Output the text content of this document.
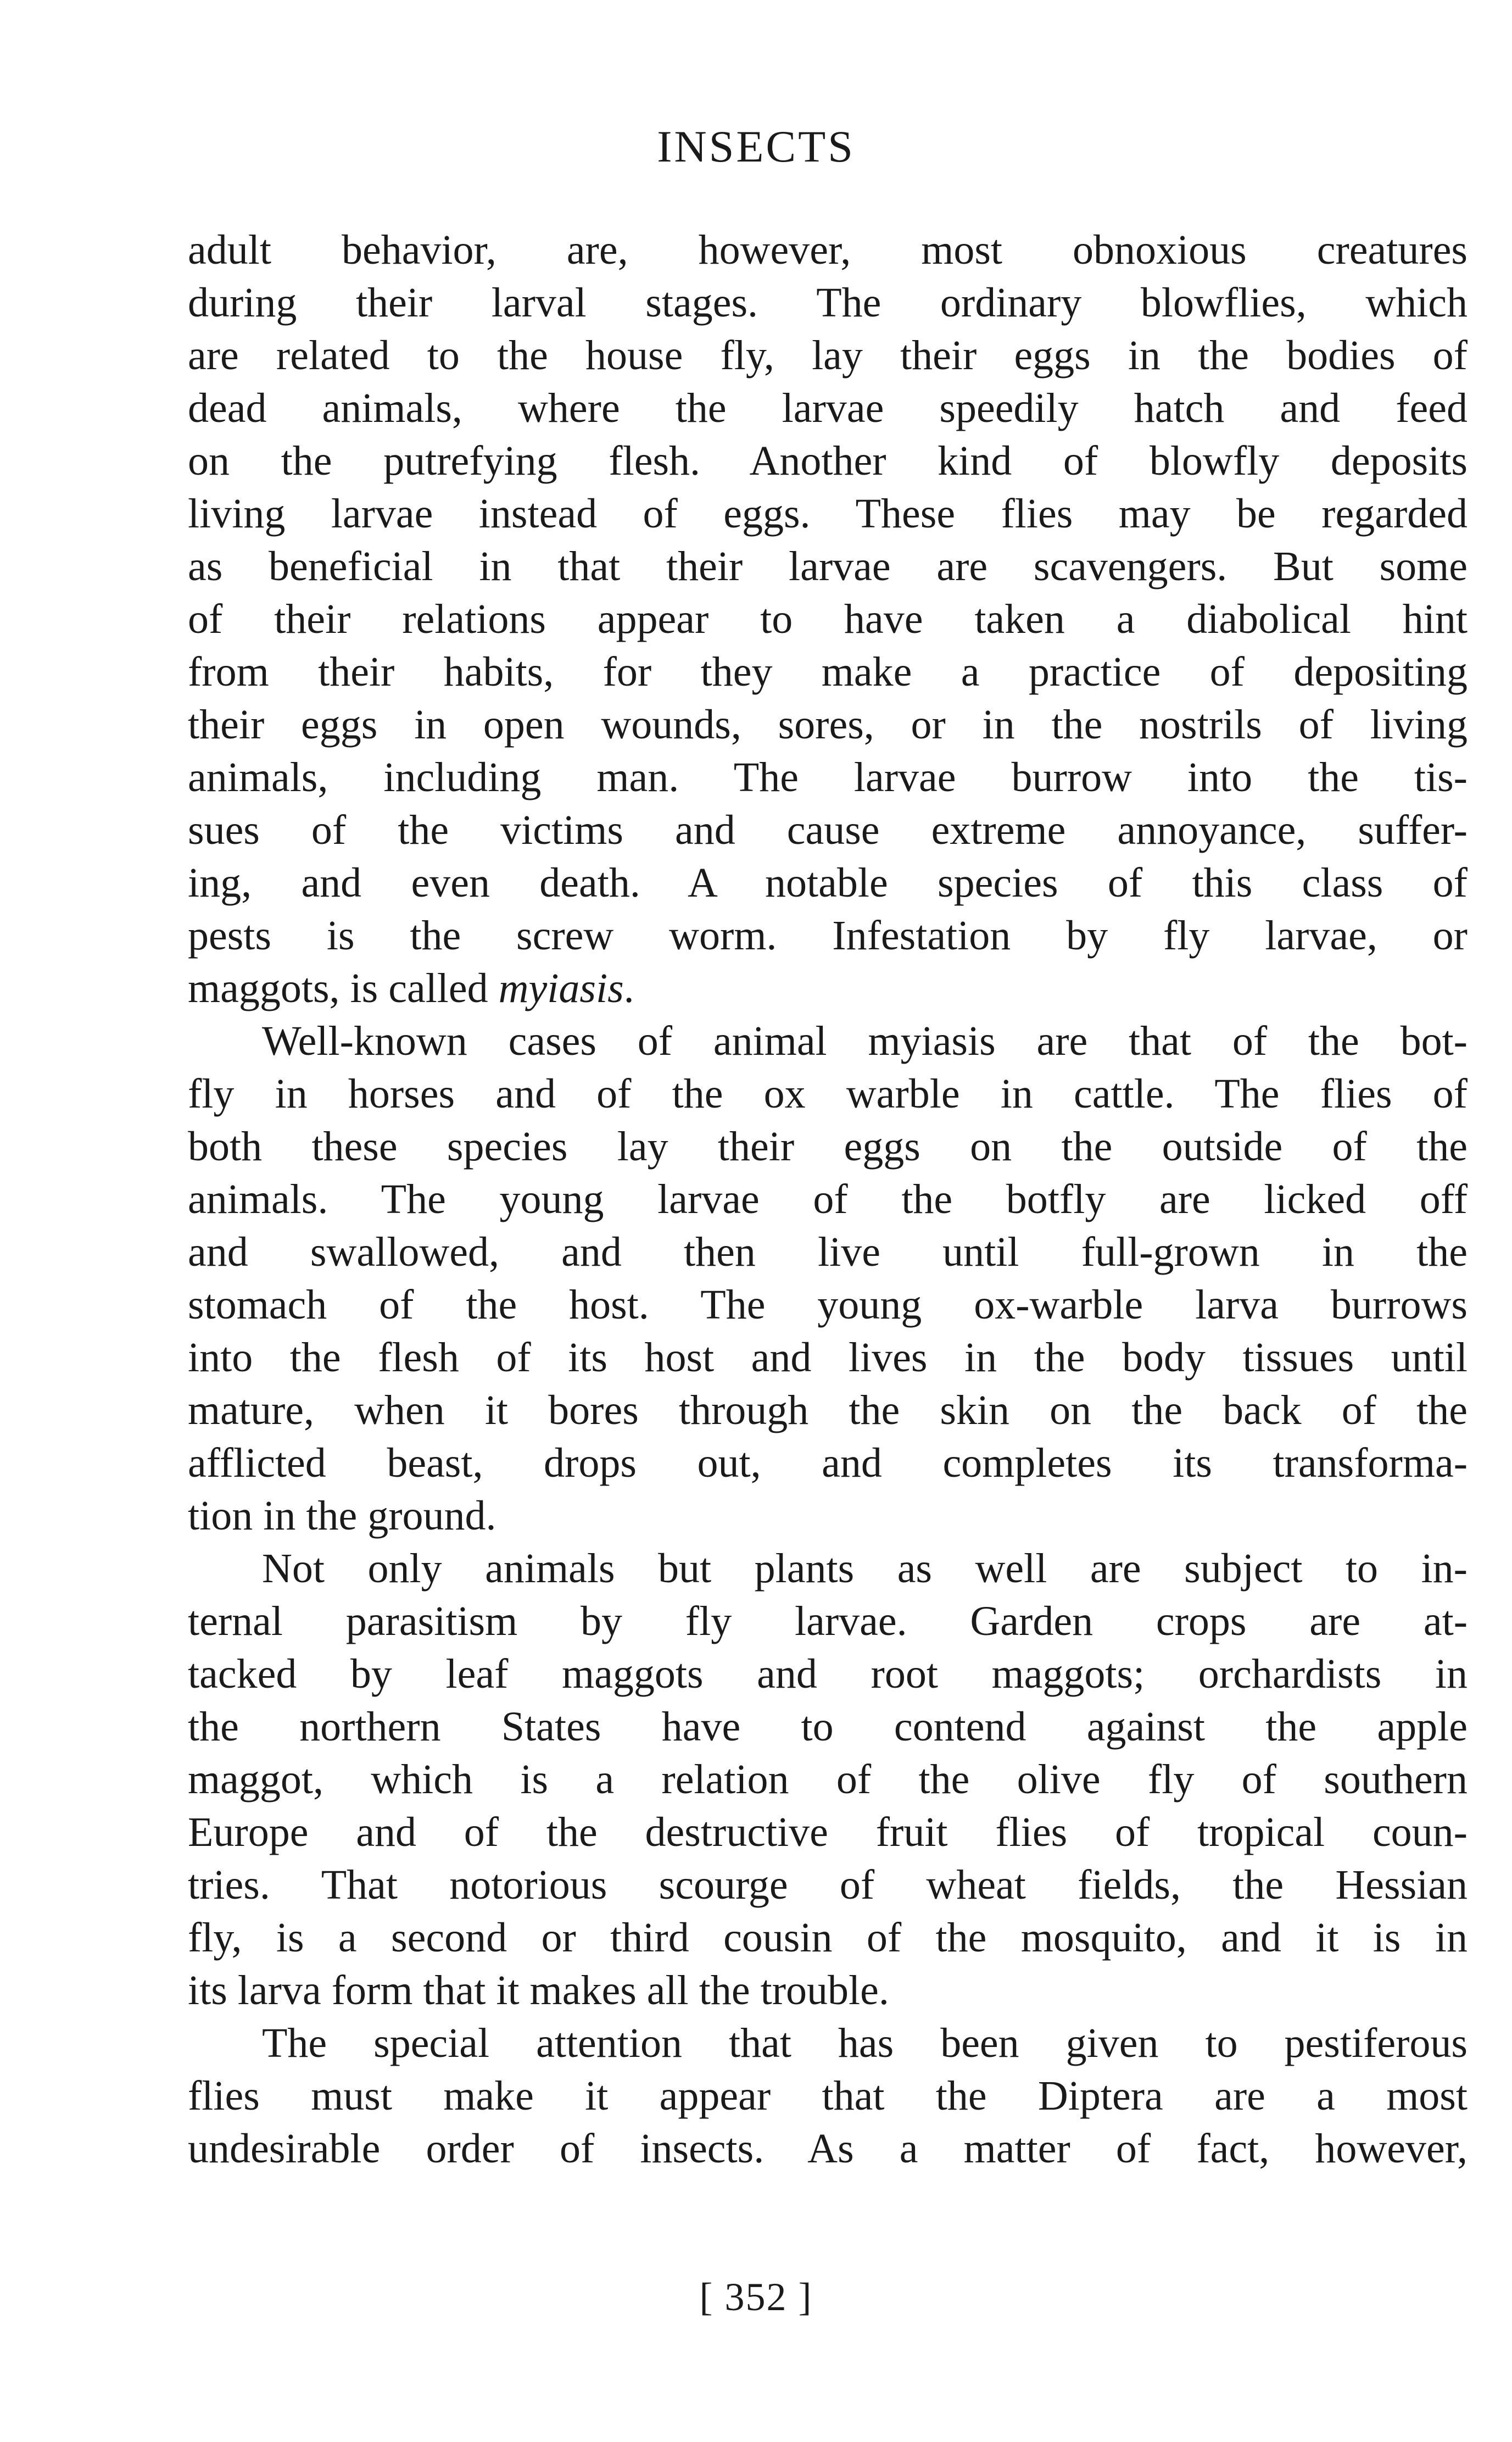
INSECTS
adult behavior, are, however, most obnoxious creatures
during their larval stages. The ordinary blowflies, which
are related to the house fly, lay their eggs in the bodies of
dead animals, where the larvae speedily hatch and feed
on the putrefying flesh. Another kind of blowfly deposits
living larvae instead of eggs. These flies may be regarded
as beneficial in that their larvae are scavengers. But some
of their relations appear to have taken a diabolical hint
from their habits, for they make a practice of depositing
their eggs in open wounds, sores, or in the nostrils of living
animals, including man. The larvae burrow into the tis-
sues of the victims and cause extreme annoyance, suffer-
ing, and even death. A notable species of this class of
pests is the screw worm. Infestation by fly larvae, or
maggots, is called myiasis.
Well-known cases of animal myiasis are that of the bot-
fly in horses and of the ox warble in cattle. The flies of
both these species lay their eggs on the outside of the
animals. The young larvae of the botfly are licked off
and swallowed, and then live until full-grown in the
stomach of the host. The young ox-warble larva burrows
into the flesh of its host and lives in the body tissues until
mature, when it bores through the skin on the back of the
afflicted beast, drops out, and completes its transforma-
tion in the ground.
Not only animals but plants as well are subject to in-
ternal parasitism by fly larvae. Garden crops are at-
tacked by leaf maggots and root maggots; orchardists in
the northern States have to contend against the apple
maggot, which is a relation of the olive fly of southern
Europe and of the destructive fruit flies of tropical coun-
tries. That notorious scourge of wheat fields, the Hessian
fly, is a second or third cousin of the mosquito, and it is in
its larva form that it makes all the trouble.
The special attention that has been given to pestiferous
flies must make it appear that the Diptera are a most
undesirable order of insects. As a matter of fact, however,
[ 352 ]
